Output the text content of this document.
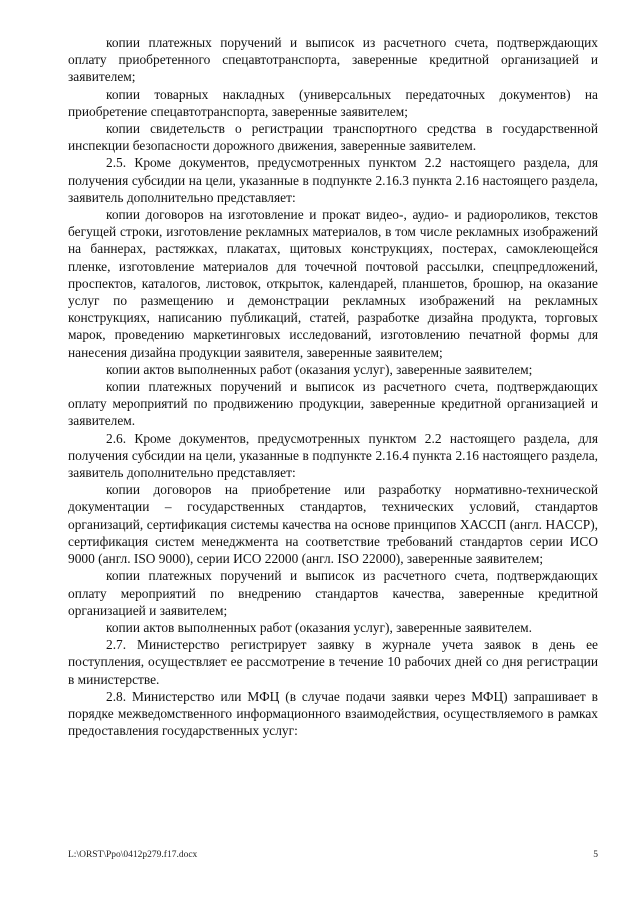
копии платежных поручений и выписок из расчетного счета, подтверждающих оплату приобретенного спецавтотранспорта, заверенные кредитной организацией и заявителем;

копии товарных накладных (универсальных передаточных документов) на приобретение спецавтотранспорта, заверенные заявителем;

копии свидетельств о регистрации транспортного средства в государственной инспекции безопасности дорожного движения, заверенные заявителем.

2.5. Кроме документов, предусмотренных пунктом 2.2 настоящего раздела, для получения субсидии на цели, указанные в подпункте 2.16.3 пункта 2.16 настоящего раздела, заявитель дополнительно представляет:

копии договоров на изготовление и прокат видео-, аудио- и радиороликов, текстов бегущей строки, изготовление рекламных материалов, в том числе рекламных изображений на баннерах, растяжках, плакатах, щитовых конструкциях, постерах, самоклеющейся пленке, изготовление материалов для точечной почтовой рассылки, спецпредложений, проспектов, каталогов, листовок, открыток, календарей, планшетов, брошюр, на оказание услуг по размещению и демонстрации рекламных изображений на рекламных конструкциях, написанию публикаций, статей, разработке дизайна продукта, торговых марок, проведению маркетинговых исследований, изготовлению печатной формы для нанесения дизайна продукции заявителя, заверенные заявителем;

копии актов выполненных работ (оказания услуг), заверенные заявителем;

копии платежных поручений и выписок из расчетного счета, подтверждающих оплату мероприятий по продвижению продукции, заверенные кредитной организацией и заявителем.

2.6. Кроме документов, предусмотренных пунктом 2.2 настоящего раздела, для получения субсидии на цели, указанные в подпункте 2.16.4 пункта 2.16 настоящего раздела, заявитель дополнительно представляет:

копии договоров на приобретение или разработку нормативно-технической документации – государственных стандартов, технических условий, стандартов организаций, сертификация системы качества на основе принципов ХАССП (англ. HACCP), сертификация систем менеджмента на соответствие требований стандартов серии ИСО 9000 (англ. ISO 9000), серии ИСО 22000 (англ. ISO 22000), заверенные заявителем;

копии платежных поручений и выписок из расчетного счета, подтверждающих оплату мероприятий по внедрению стандартов качества, заверенные кредитной организацией и заявителем;

копии актов выполненных работ (оказания услуг), заверенные заявителем.

2.7. Министерство регистрирует заявку в журнале учета заявок в день ее поступления, осуществляет ее рассмотрение в течение 10 рабочих дней со дня регистрации в министерстве.

2.8. Министерство или МФЦ (в случае подачи заявки через МФЦ) запрашивает в порядке межведомственного информационного взаимодействия, осуществляемого в рамках предоставления государственных услуг:

L:\ORST\Ppo\0412p279.f17.docx	5
